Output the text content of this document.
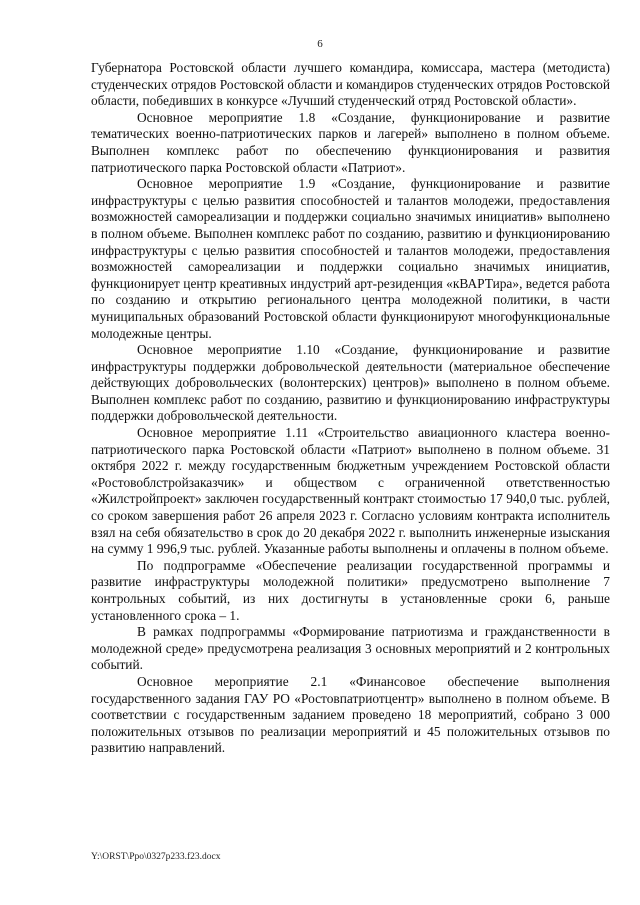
6

Губернатора Ростовской области лучшего командира, комиссара, мастера (методиста) студенческих отрядов Ростовской области и командиров студенческих отрядов Ростовской области, победивших в конкурсе «Лучший студенческий отряд Ростовской области».

Основное мероприятие 1.8 «Создание, функционирование и развитие тематических военно-патриотических парков и лагерей» выполнено в полном объеме. Выполнен комплекс работ по обеспечению функционирования и развития патриотического парка Ростовской области «Патриот».

Основное мероприятие 1.9 «Создание, функционирование и развитие инфраструктуры с целью развития способностей и талантов молодежи, предоставления возможностей самореализации и поддержки социально значимых инициатив» выполнено в полном объеме. Выполнен комплекс работ по созданию, развитию и функционированию инфраструктуры с целью развития способностей и талантов молодежи, предоставления возможностей самореализации и поддержки социально значимых инициатив, функционирует центр креативных индустрий арт-резиденция «кВАРТира», ведется работа по созданию и открытию регионального центра молодежной политики, в части муниципальных образований Ростовской области функционируют многофункциональные молодежные центры.

Основное мероприятие 1.10 «Создание, функционирование и развитие инфраструктуры поддержки добровольческой деятельности (материальное обеспечение действующих добровольческих (волонтерских) центров)» выполнено в полном объеме. Выполнен комплекс работ по созданию, развитию и функционированию инфраструктуры поддержки добровольческой деятельности.

Основное мероприятие 1.11 «Строительство авиационного кластера военно-патриотического парка Ростовской области «Патриот» выполнено в полном объеме. 31 октября 2022 г. между государственным бюджетным учреждением Ростовской области «Ростовоблстройзаказчик» и обществом с ограниченной ответственностью «Жилстройпроект» заключен государственный контракт стоимостью 17 940,0 тыс. рублей, со сроком завершения работ 26 апреля 2023 г. Согласно условиям контракта исполнитель взял на себя обязательство в срок до 20 декабря 2022 г. выполнить инженерные изыскания на сумму 1 996,9 тыс. рублей. Указанные работы выполнены и оплачены в полном объеме.

По подпрограмме «Обеспечение реализации государственной программы и развитие инфраструктуры молодежной политики» предусмотрено выполнение 7 контрольных событий, из них достигнуты в установленные сроки 6, раньше установленного срока – 1.

В рамках подпрограммы «Формирование патриотизма и гражданственности в молодежной среде» предусмотрена реализация 3 основных мероприятий и 2 контрольных событий.

Основное мероприятие 2.1 «Финансовое обеспечение выполнения государственного задания ГАУ РО «Ростовпатриотцентр» выполнено в полном объеме. В соответствии с государственным заданием проведено 18 мероприятий, собрано 3 000 положительных отзывов по реализации мероприятий и 45 положительных отзывов по развитию направлений.

Y:\ORST\Ppo\0327p233.f23.docx
